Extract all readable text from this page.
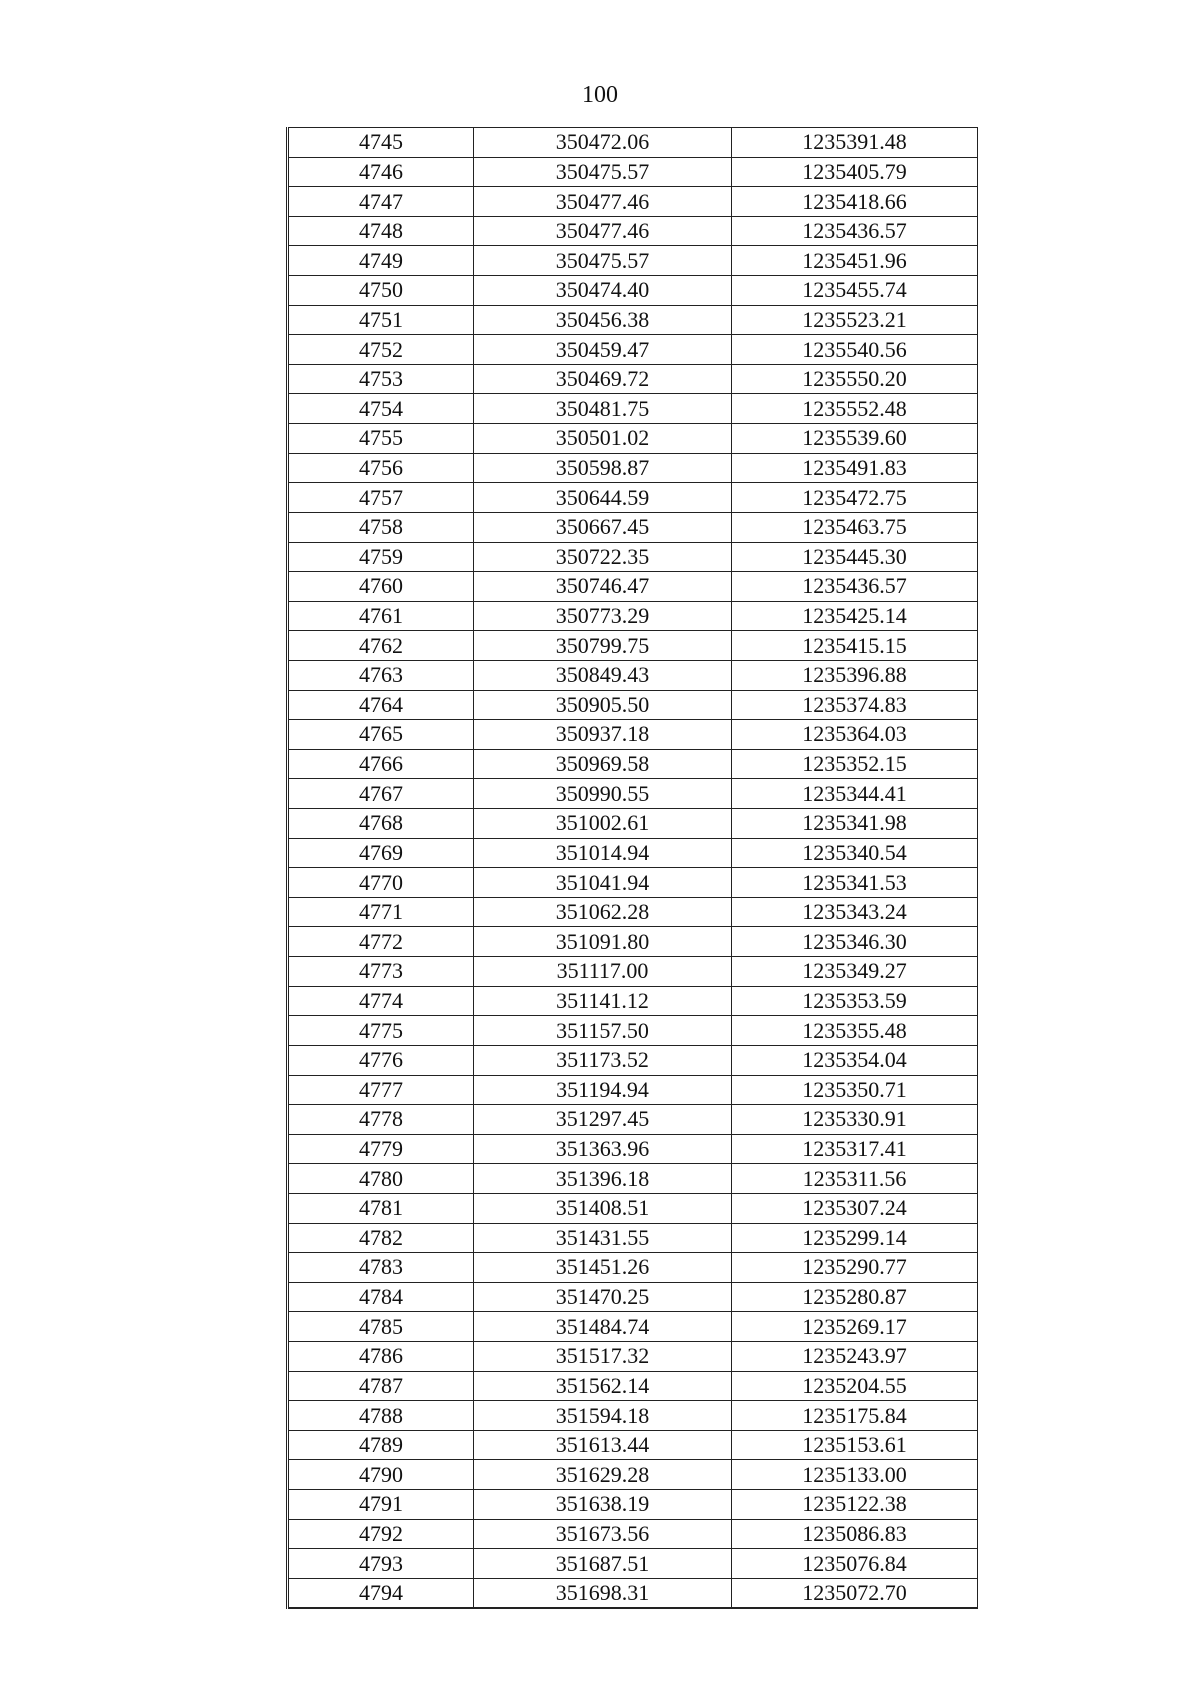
100
4745	350472.06	1235391.48
4746	350475.57	1235405.79
4747	350477.46	1235418.66
4748	350477.46	1235436.57
4749	350475.57	1235451.96
4750	350474.40	1235455.74
4751	350456.38	1235523.21
4752	350459.47	1235540.56
4753	350469.72	1235550.20
4754	350481.75	1235552.48
4755	350501.02	1235539.60
4756	350598.87	1235491.83
4757	350644.59	1235472.75
4758	350667.45	1235463.75
4759	350722.35	1235445.30
4760	350746.47	1235436.57
4761	350773.29	1235425.14
4762	350799.75	1235415.15
4763	350849.43	1235396.88
4764	350905.50	1235374.83
4765	350937.18	1235364.03
4766	350969.58	1235352.15
4767	350990.55	1235344.41
4768	351002.61	1235341.98
4769	351014.94	1235340.54
4770	351041.94	1235341.53
4771	351062.28	1235343.24
4772	351091.80	1235346.30
4773	351117.00	1235349.27
4774	351141.12	1235353.59
4775	351157.50	1235355.48
4776	351173.52	1235354.04
4777	351194.94	1235350.71
4778	351297.45	1235330.91
4779	351363.96	1235317.41
4780	351396.18	1235311.56
4781	351408.51	1235307.24
4782	351431.55	1235299.14
4783	351451.26	1235290.77
4784	351470.25	1235280.87
4785	351484.74	1235269.17
4786	351517.32	1235243.97
4787	351562.14	1235204.55
4788	351594.18	1235175.84
4789	351613.44	1235153.61
4790	351629.28	1235133.00
4791	351638.19	1235122.38
4792	351673.56	1235086.83
4793	351687.51	1235076.84
4794	351698.31	1235072.70
